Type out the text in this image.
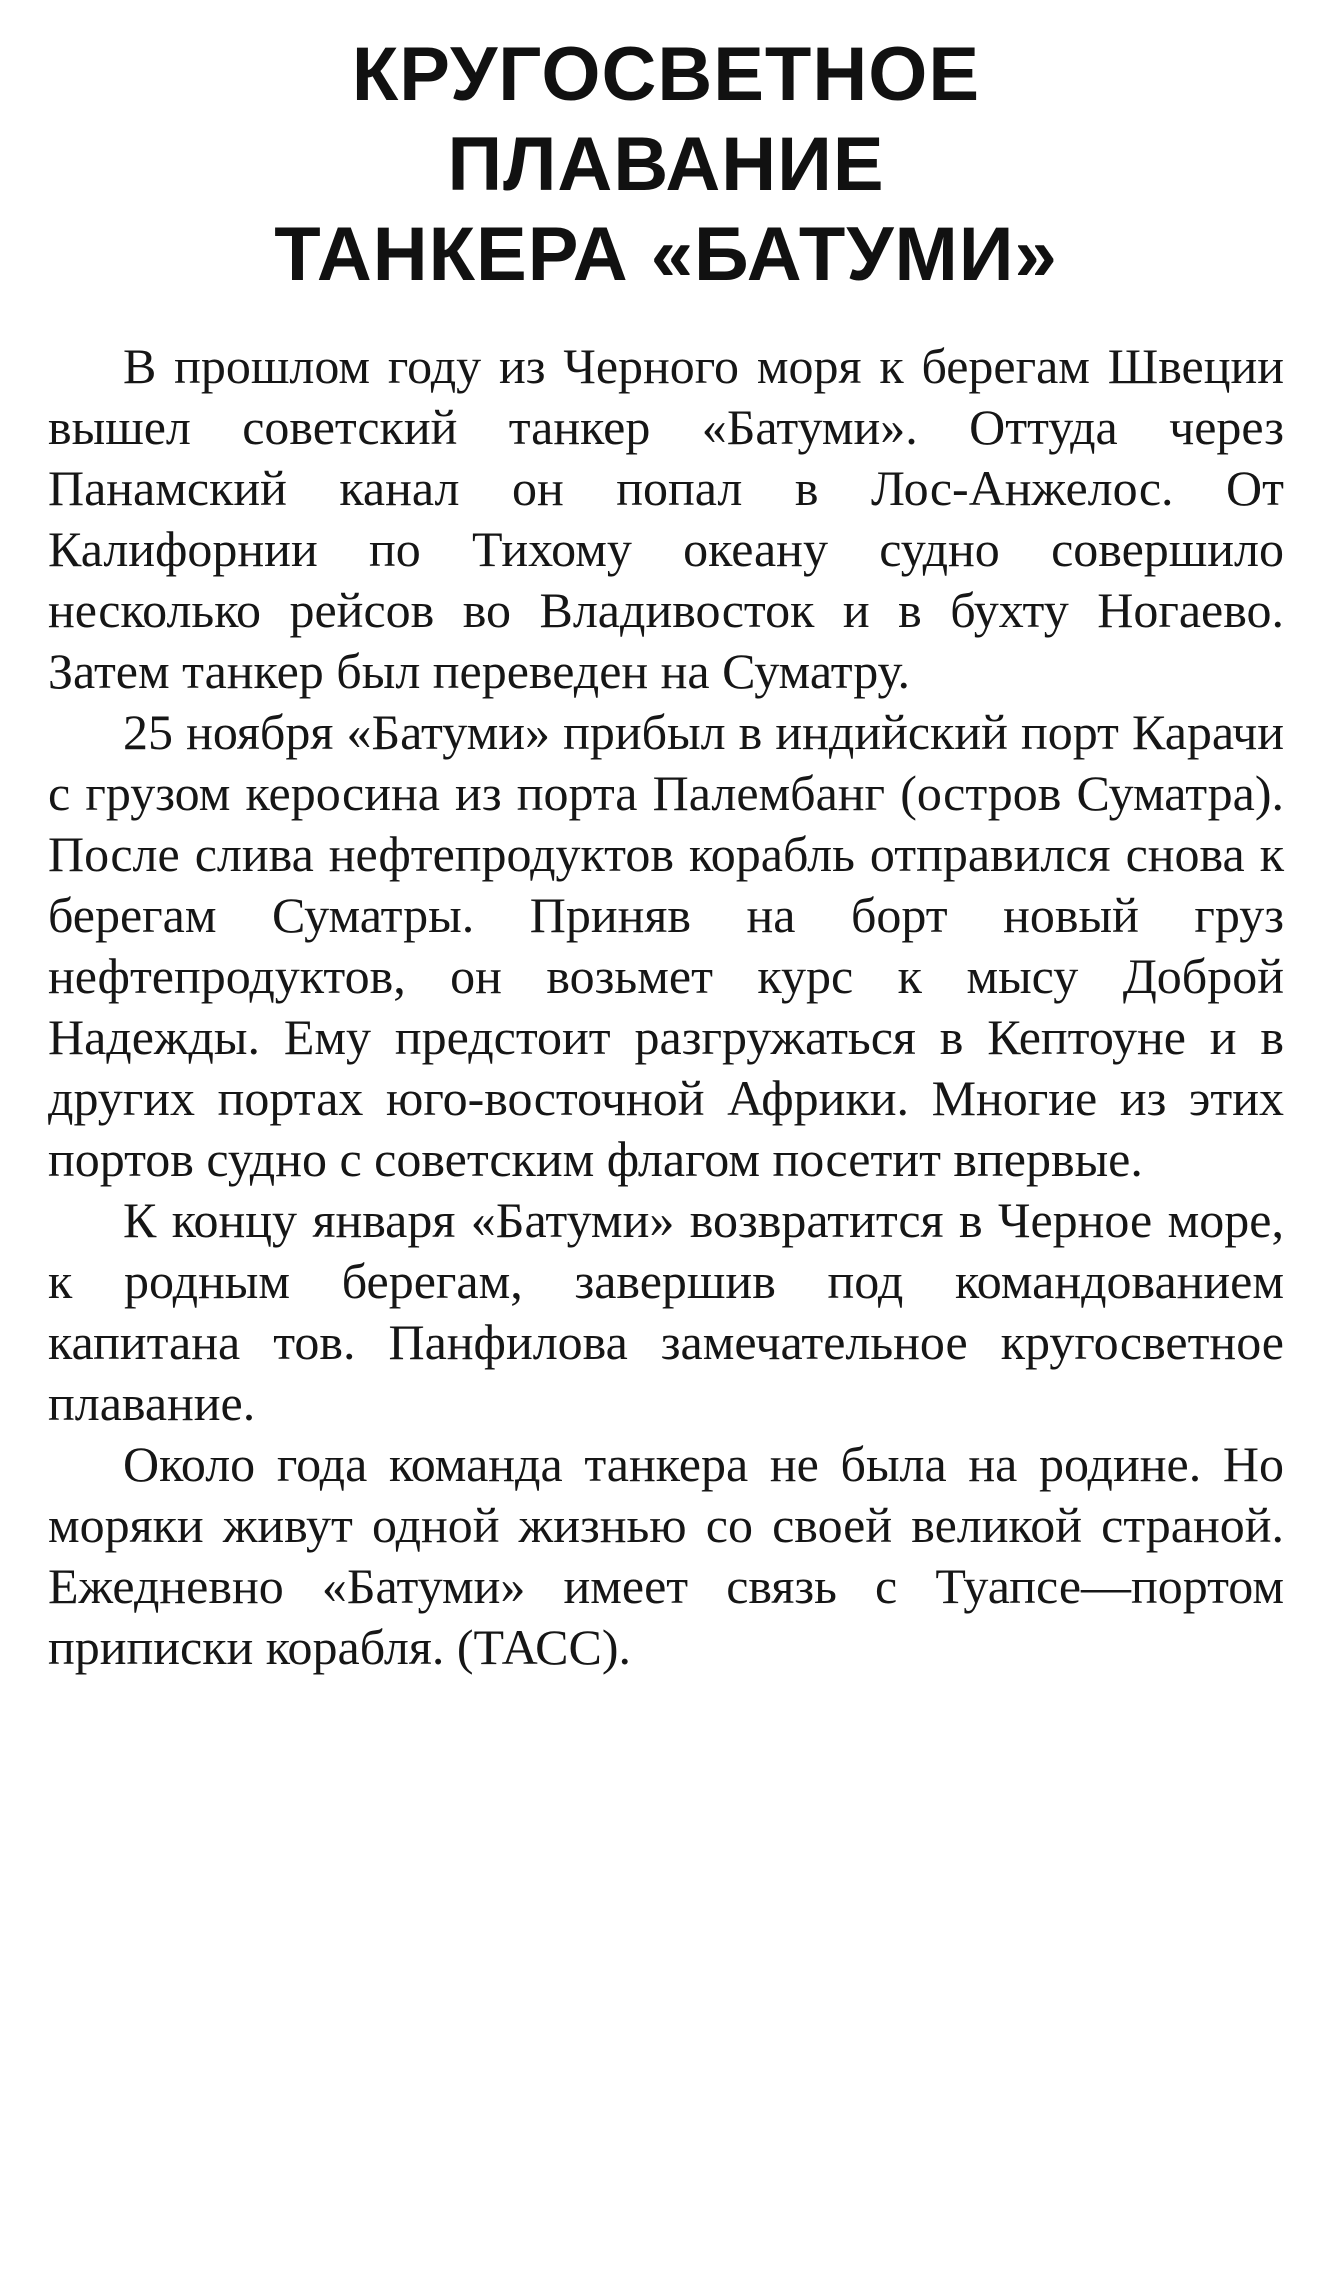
КРУГОСВЕТНОЕ
ПЛАВАНИЕ
ТАНКЕРА «БАТУМИ»

В прошлом году из Черного моря к берегам Швеции вышел советский танкер «Батуми». Оттуда через Панамский канал он попал в Лос-Анжелос. От Калифорнии по Тихому океану судно совершило несколько рейсов во Владивосток и в бухту Ногаево. Затем танкер был переведен на Суматру.

25 ноября «Батуми» прибыл в индийский порт Карачи с грузом керосина из порта Палембанг (остров Суматра). После слива нефтепродуктов корабль отправился снова к берегам Суматры. Приняв на борт новый груз нефтепродуктов, он возьмет курс к мысу Доброй Надежды. Ему предстоит разгружаться в Кептоуне и в других портах юго-восточной Африки. Многие из этих портов судно с советским флагом посетит впервые.

К концу января «Батуми» возвратится в Черное море, к родным берегам, завершив под командованием капитана тов. Панфилова замечательное кругосветное плавание.

Около года команда танкера не была на родине. Но моряки живут одной жизнью со своей великой страной. Ежедневно «Батуми» имеет связь с Туапсе—портом приписки корабля. (ТАСС).
